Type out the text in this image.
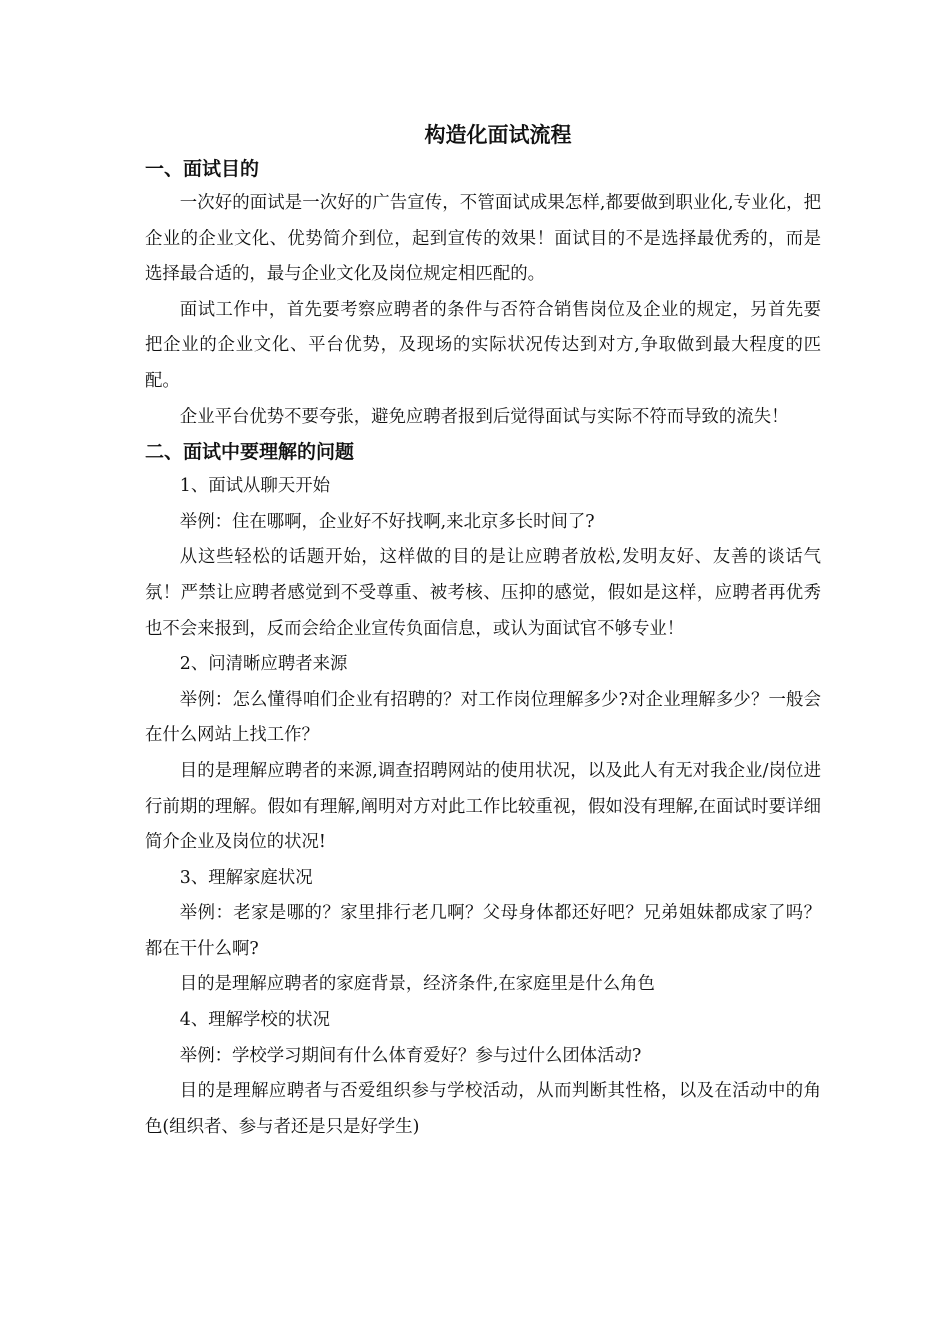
构造化面试流程
一、面试目的

一次好的面试是一次好的广告宣传，不管面试成果怎样,都要做到职业化,专业化，把企业的企业文化、优势简介到位，起到宣传的效果！面试目的不是选择最优秀的，而是选择最合适的，最与企业文化及岗位规定相匹配的。

面试工作中，首先要考察应聘者的条件与否符合销售岗位及企业的规定，另首先要把企业的企业文化、平台优势，及现场的实际状况传达到对方,争取做到最大程度的匹配。

企业平台优势不要夸张，避免应聘者报到后觉得面试与实际不符而导致的流失！

二、面试中要理解的问题

1、面试从聊天开始

举例：住在哪啊，企业好不好找啊,来北京多长时间了?

从这些轻松的话题开始，这样做的目的是让应聘者放松,发明友好、友善的谈话气氛！严禁让应聘者感觉到不受尊重、被考核、压抑的感觉，假如是这样，应聘者再优秀也不会来报到，反而会给企业宣传负面信息，或认为面试官不够专业！

2、问清晰应聘者来源

举例：怎么懂得咱们企业有招聘的？对工作岗位理解多少?对企业理解多少？一般会在什么网站上找工作？

目的是理解应聘者的来源,调查招聘网站的使用状况，以及此人有无对我企业/岗位进行前期的理解。假如有理解,阐明对方对此工作比较重视，假如没有理解,在面试时要详细简介企业及岗位的状况!

3、理解家庭状况

举例：老家是哪的？家里排行老几啊？父母身体都还好吧？兄弟姐妹都成家了吗？都在干什么啊?

目的是理解应聘者的家庭背景，经济条件,在家庭里是什么角色

4、理解学校的状况

举例：学校学习期间有什么体育爱好？参与过什么团体活动?

目的是理解应聘者与否爱组织参与学校活动，从而判断其性格，以及在活动中的角色(组织者、参与者还是只是好学生)
